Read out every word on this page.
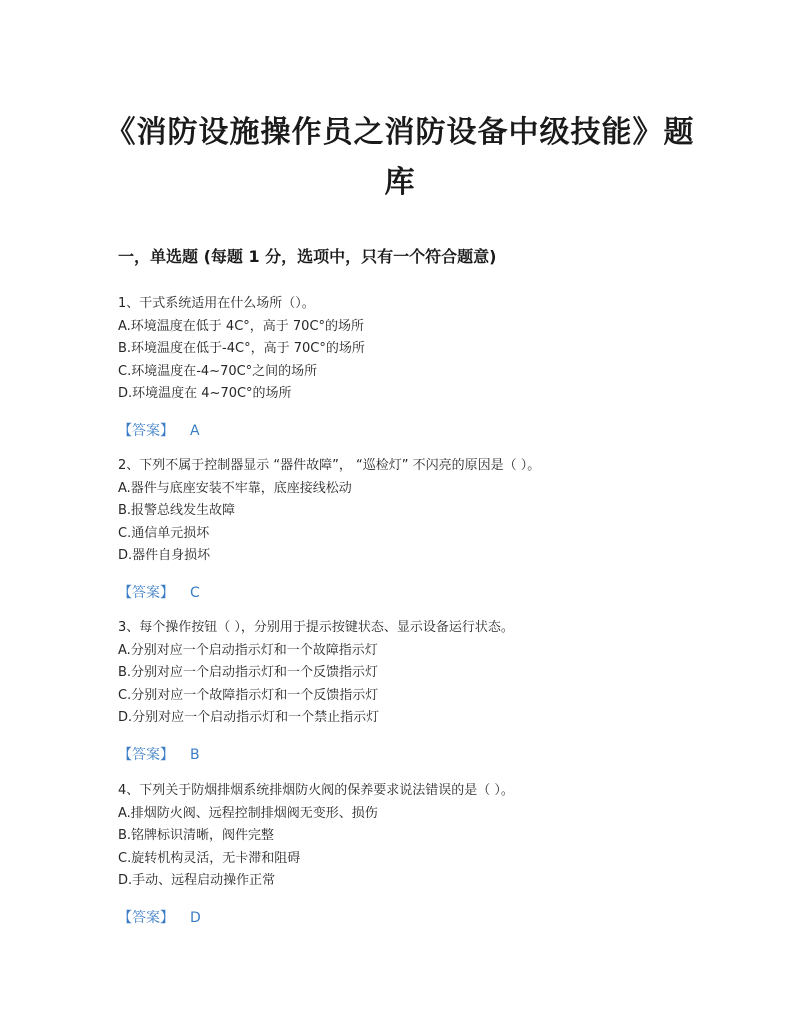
《消防设施操作员之消防设备中级技能》题库
一，单选题 (每题 1 分，选项中，只有一个符合题意)
1、干式系统适用在什么场所（）。
A.环境温度在低于 4C°，高于 70C°的场所
B.环境温度在低于-4C°，高于 70C°的场所
C.环境温度在-4~70C°之间的场所
D.环境温度在 4~70C°的场所
【答案】 A
2、下列不属于控制器显示 “器件故障”， “巡检灯” 不闪亮的原因是（ ）。
A.器件与底座安装不牢靠，底座接线松动
B.报警总线发生故障
C.通信单元损坏
D.器件自身损坏
【答案】 C
3、每个操作按钮（ ），分别用于提示按键状态、显示设备运行状态。
A.分别对应一个启动指示灯和一个故障指示灯
B.分别对应一个启动指示灯和一个反馈指示灯
C.分别对应一个故障指示灯和一个反馈指示灯
D.分别对应一个启动指示灯和一个禁止指示灯
【答案】 B
4、下列关于防烟排烟系统排烟防火阀的保养要求说法错误的是（ ）。
A.排烟防火阀、远程控制排烟阀无变形、损伤
B.铭牌标识清晰，阀件完整
C.旋转机构灵活，无卡滞和阻碍
D.手动、远程启动操作正常
【答案】 D
